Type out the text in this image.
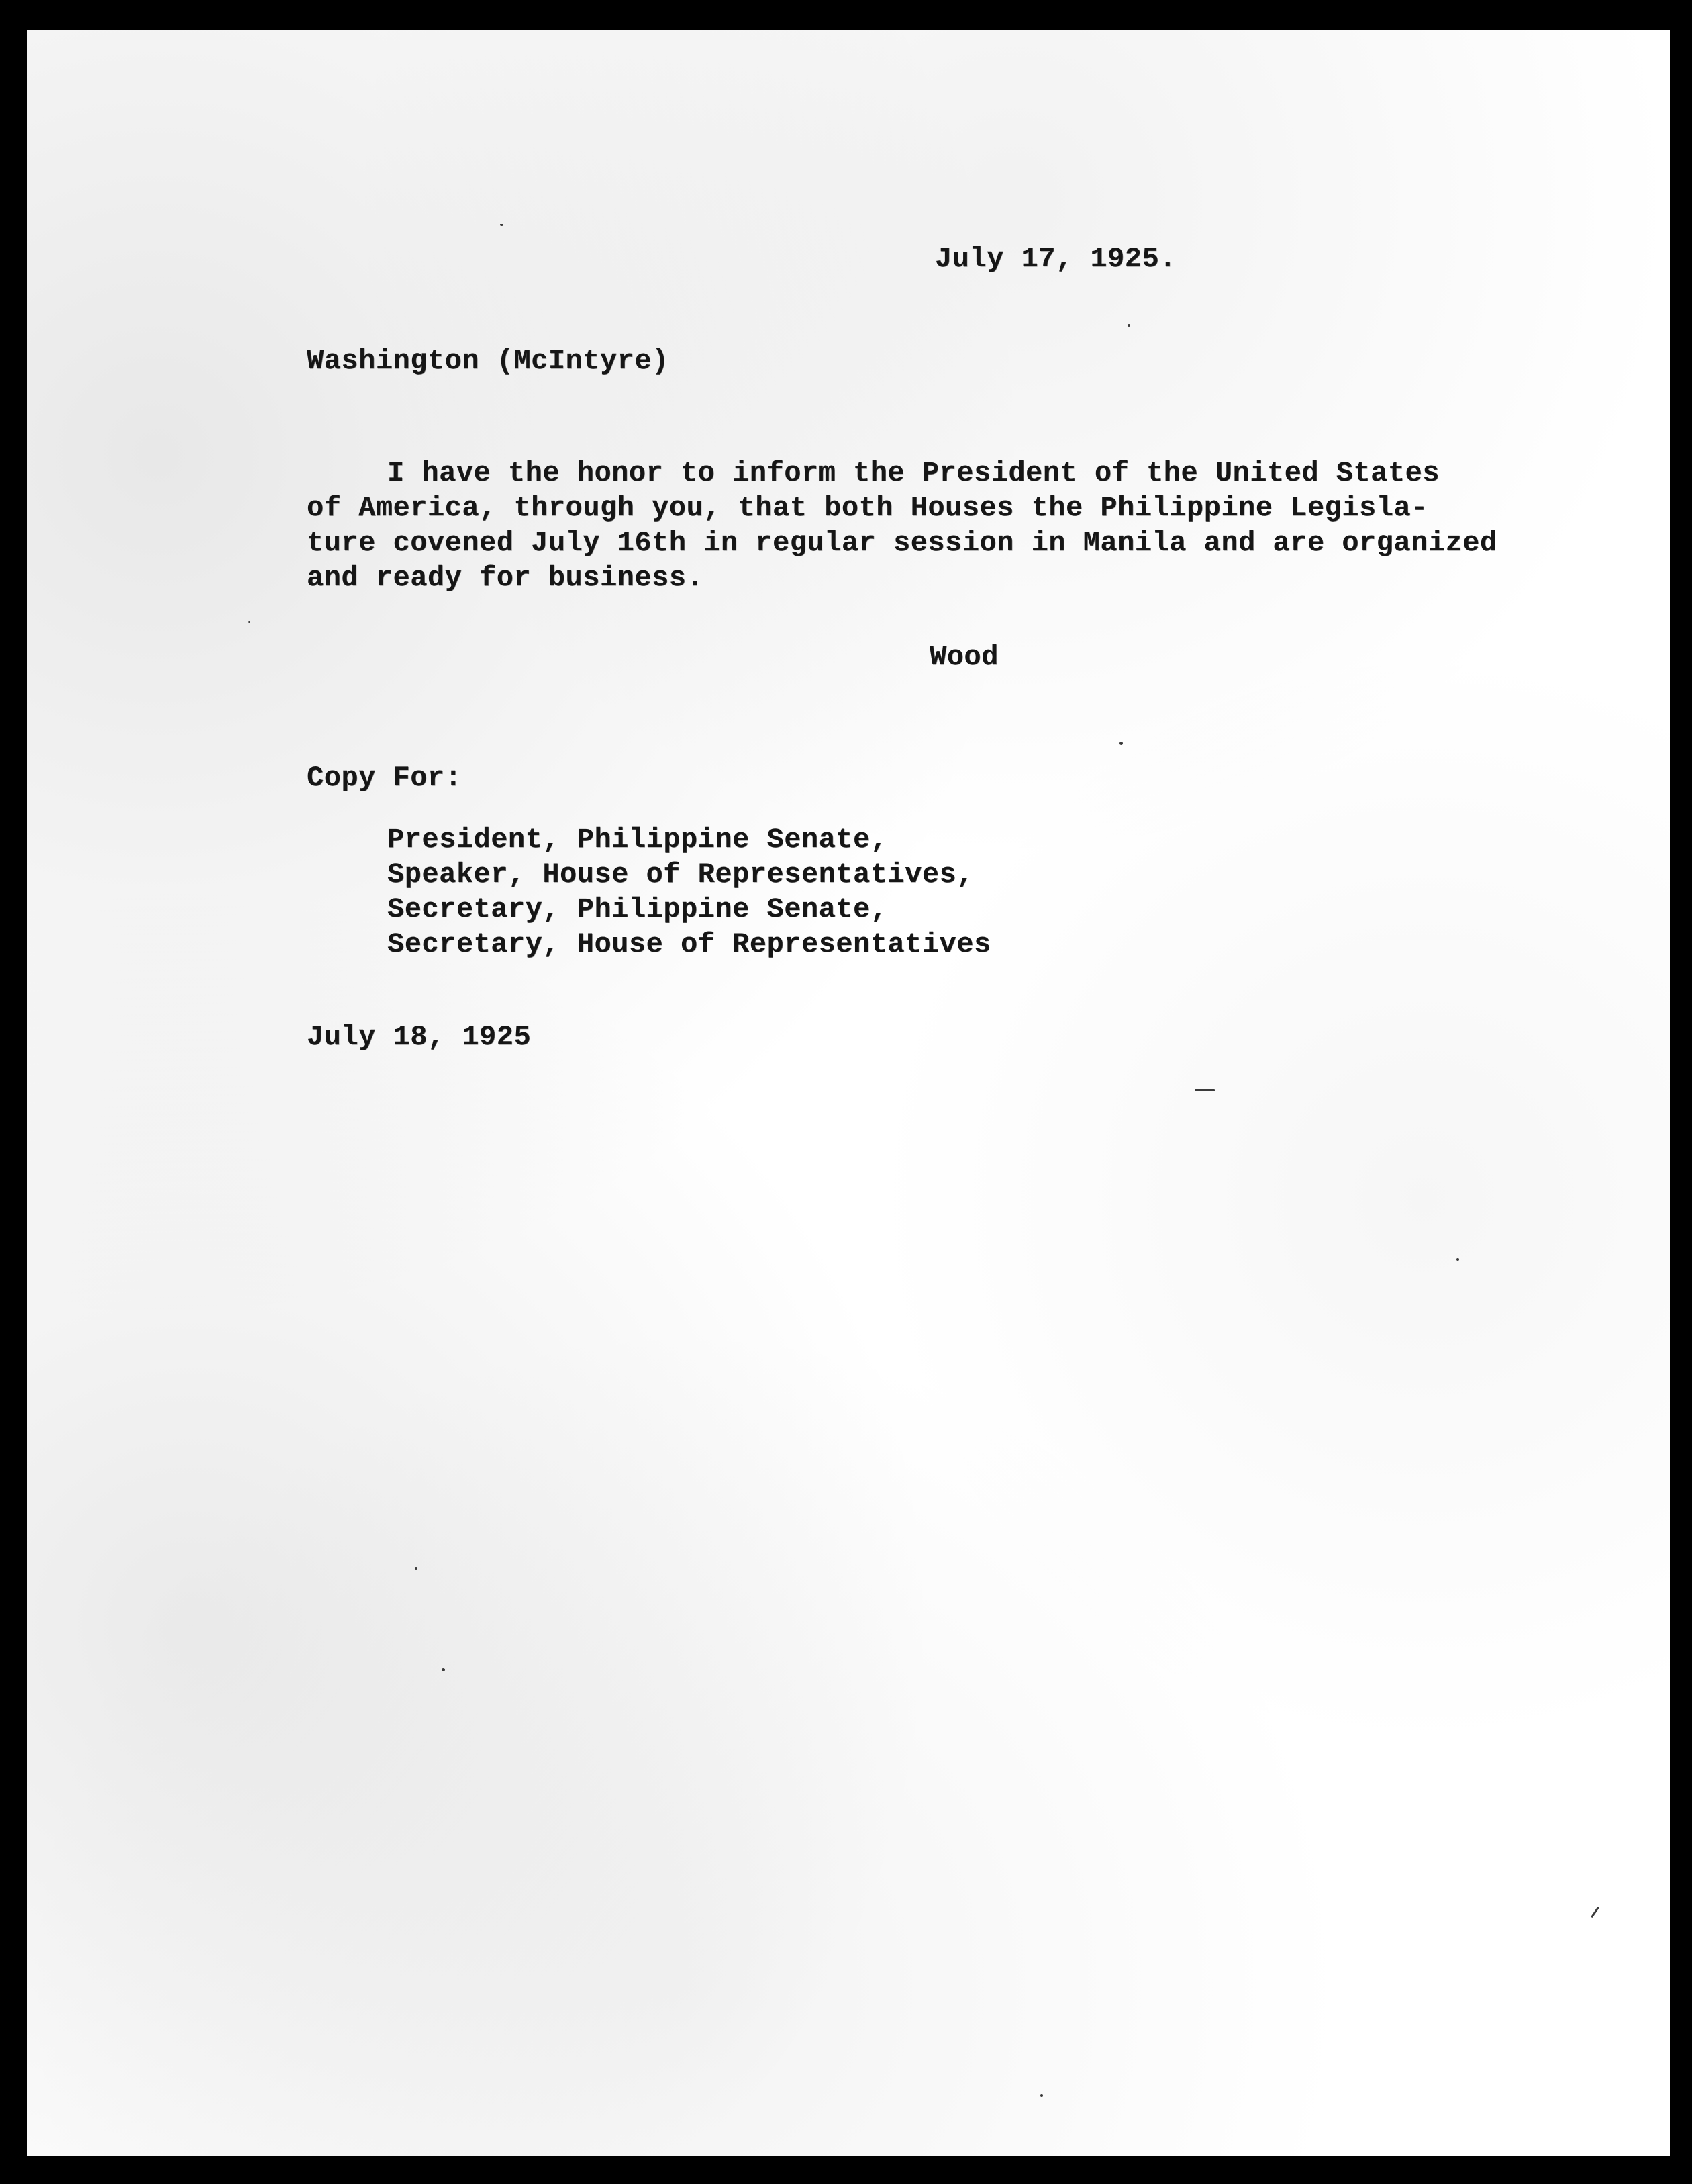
July 17, 1925.

Washington (McIntyre)

I have the honor to inform the President of the United States

of America, through you, that both Houses the Philippine Legisla-

ture covened July 16th in regular session in Manila and are organized

and ready for business.

Wood

Copy For:

President, Philippine Senate,

Speaker, House of Representatives,

Secretary, Philippine Senate,

Secretary, House of Representatives

July 18, 1925
